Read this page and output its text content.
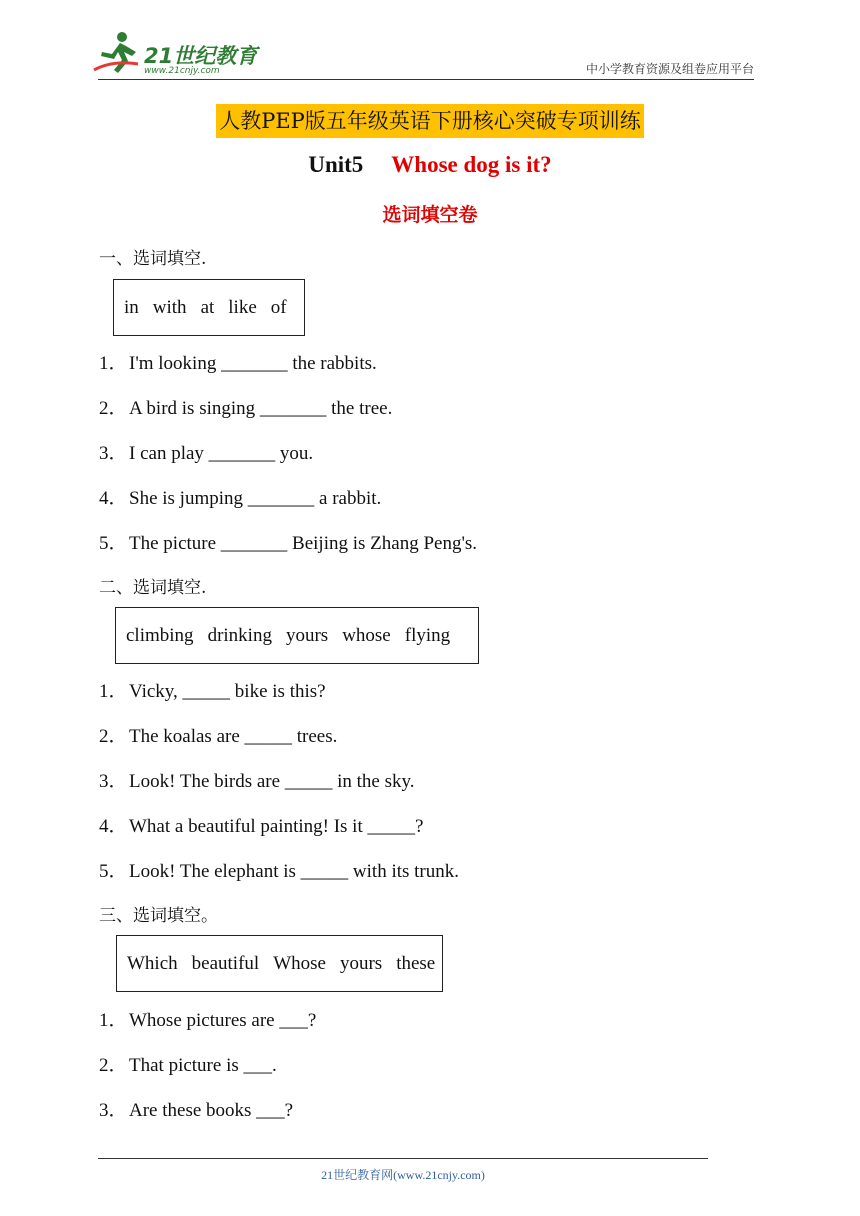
21世纪教育
www.21cnjy.com	中小学教育资源及组卷应用平台
人教PEP版五年级英语下册核心突破专项训练
Unit5 Whose dog is it?
选词填空卷
一、选词填空.
in with at like of
1．I'm looking _______ the rabbits.
2．A bird is singing _______ the tree.
3．I can play _______ you.
4．She is jumping _______ a rabbit.
5．The picture _______ Beijing is Zhang Peng's.
二、选词填空.
climbing drinking yours whose flying
1．Vicky, _____ bike is this?
2．The koalas are _____ trees.
3．Look! The birds are _____ in the sky.
4．What a beautiful painting! Is it _____?
5．Look! The elephant is _____ with its trunk.
三、选词填空。
Which beautiful Whose yours these
1．Whose pictures are ___?
2．That picture is ___.
3．Are these books ___?
21世纪教育网(www.21cnjy.com)
